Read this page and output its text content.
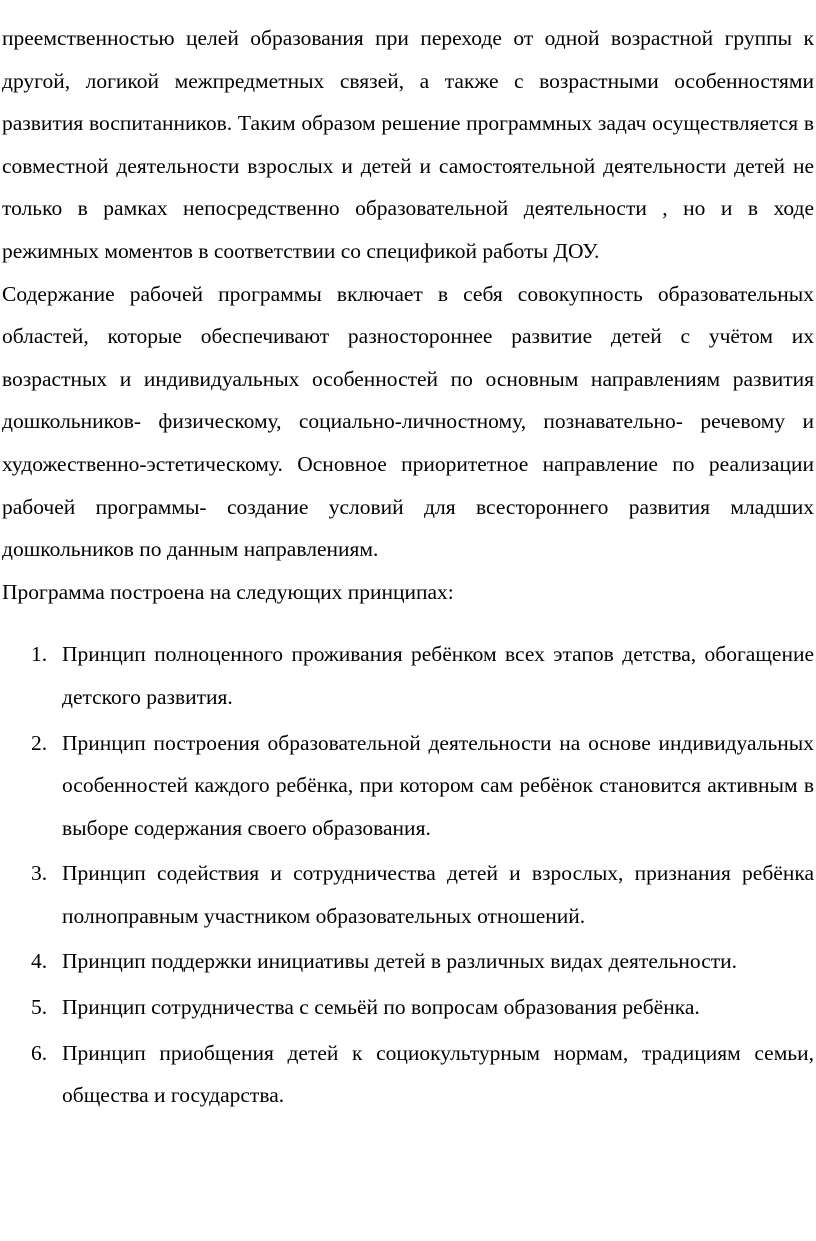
преемственностью целей образования при переходе от одной возрастной группы к другой, логикой межпредметных связей, а также с возрастными особенностями развития воспитанников. Таким образом решение программных задач осуществляется в совместной деятельности взрослых и детей и самостоятельной деятельности детей не только в рамках непосредственно образовательной деятельности , но и в ходе режимных моментов в соответствии со спецификой работы ДОУ.

Содержание рабочей программы включает в себя совокупность образовательных областей, которые обеспечивают разностороннее развитие детей с учётом их возрастных и индивидуальных особенностей по основным направлениям развития дошкольников- физическому, социально-личностному, познавательно- речевому и художественно-эстетическому. Основное приоритетное направление по реализации рабочей программы- создание условий для всестороннего развития младших дошкольников по данным направлениям.

Программа построена на следующих принципах:

1. Принцип полноценного проживания ребёнком всех этапов детства, обогащение детского развития.
2. Принцип построения образовательной деятельности на основе индивидуальных особенностей каждого ребёнка, при котором сам ребёнок становится активным в выборе содержания своего образования.
3. Принцип содействия и сотрудничества детей и взрослых, признания ребёнка полноправным участником образовательных отношений.
4. Принцип поддержки инициативы детей в различных видах деятельности.
5. Принцип сотрудничества с семьёй по вопросам образования ребёнка.
6. Принцип приобщения детей к социокультурным нормам, традициям семьи, общества и государства.
